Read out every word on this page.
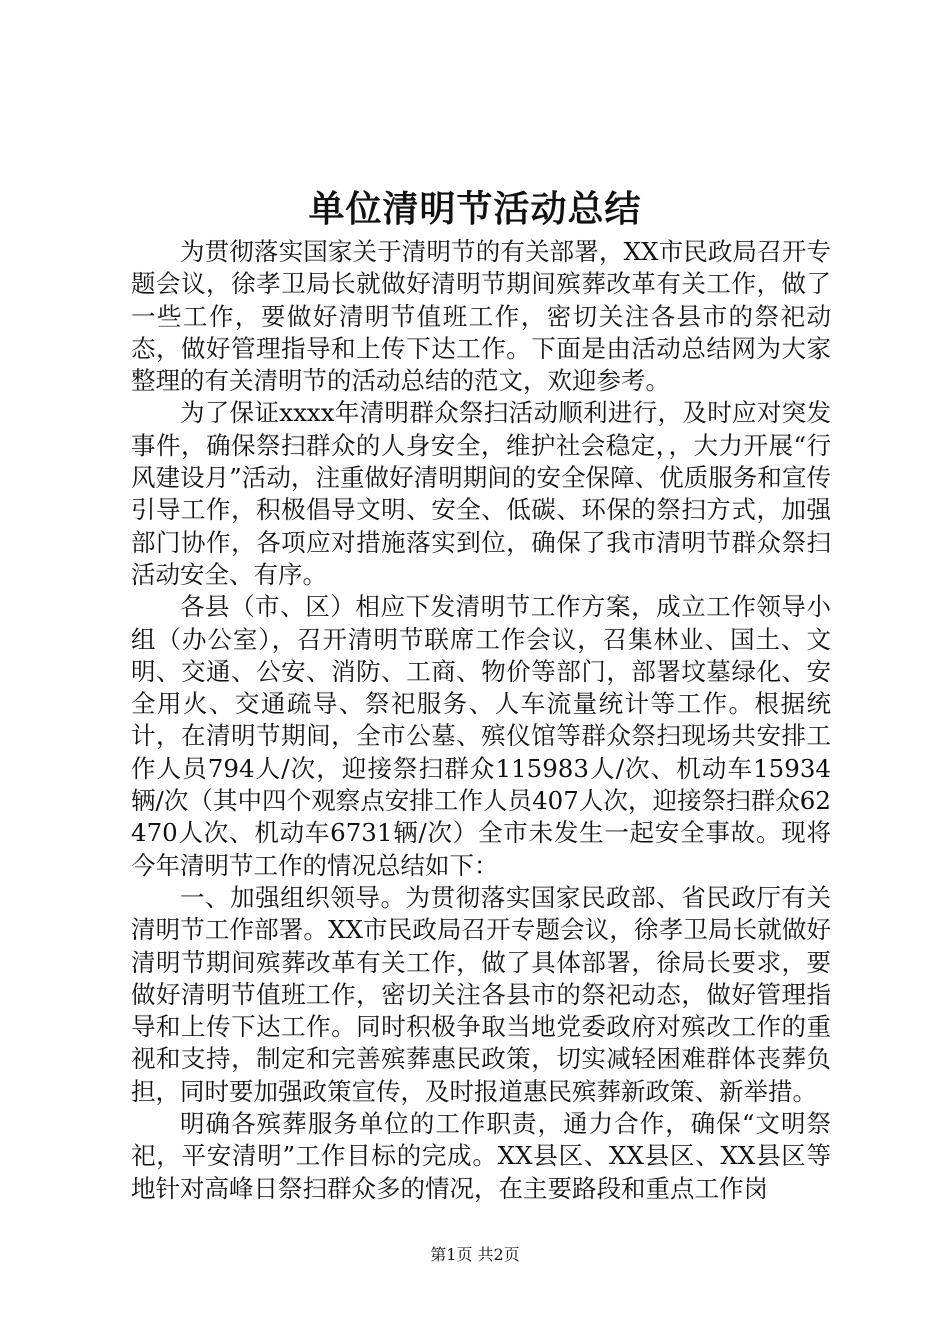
单位清明节活动总结

为贯彻落实国家关于清明节的有关部署，XX市民政局召开专题会议，徐孝卫局长就做好清明节期间殡葬改革有关工作，做了一些工作，要做好清明节值班工作，密切关注各县市的祭祀动态，做好管理指导和上传下达工作。下面是由活动总结网为大家整理的有关清明节的活动总结的范文，欢迎参考。

为了保证xxxx年清明群众祭扫活动顺利进行，及时应对突发事件，确保祭扫群众的人身安全，维护社会稳定，，大力开展“行风建设月”活动，注重做好清明期间的安全保障、优质服务和宣传引导工作，积极倡导文明、安全、低碳、环保的祭扫方式，加强部门协作，各项应对措施落实到位，确保了我市清明节群众祭扫活动安全、有序。

各县（市、区）相应下发清明节工作方案，成立工作领导小组（办公室），召开清明节联席工作会议，召集林业、国土、文明、交通、公安、消防、工商、物价等部门，部署坟墓绿化、安全用火、交通疏导、祭祀服务、人车流量统计等工作。根据统计，在清明节期间，全市公墓、殡仪馆等群众祭扫现场共安排工作人员794人/次，迎接祭扫群众115983人/次、机动车15934辆/次（其中四个观察点安排工作人员407人次，迎接祭扫群众62470人次、机动车6731辆/次）全市未发生一起安全事故。现将今年清明节工作的情况总结如下：

一、加强组织领导。为贯彻落实国家民政部、省民政厅有关清明节工作部署。XX市民政局召开专题会议，徐孝卫局长就做好清明节期间殡葬改革有关工作，做了具体部署，徐局长要求，要做好清明节值班工作，密切关注各县市的祭祀动态，做好管理指导和上传下达工作。同时积极争取当地党委政府对殡改工作的重视和支持，制定和完善殡葬惠民政策，切实减轻困难群体丧葬负担，同时要加强政策宣传，及时报道惠民殡葬新政策、新举措。

明确各殡葬服务单位的工作职责，通力合作，确保“文明祭祀，平安清明”工作目标的完成。XX县区、XX县区、XX县区等地针对高峰日祭扫群众多的情况，在主要路段和重点工作岗

第1页 共2页
